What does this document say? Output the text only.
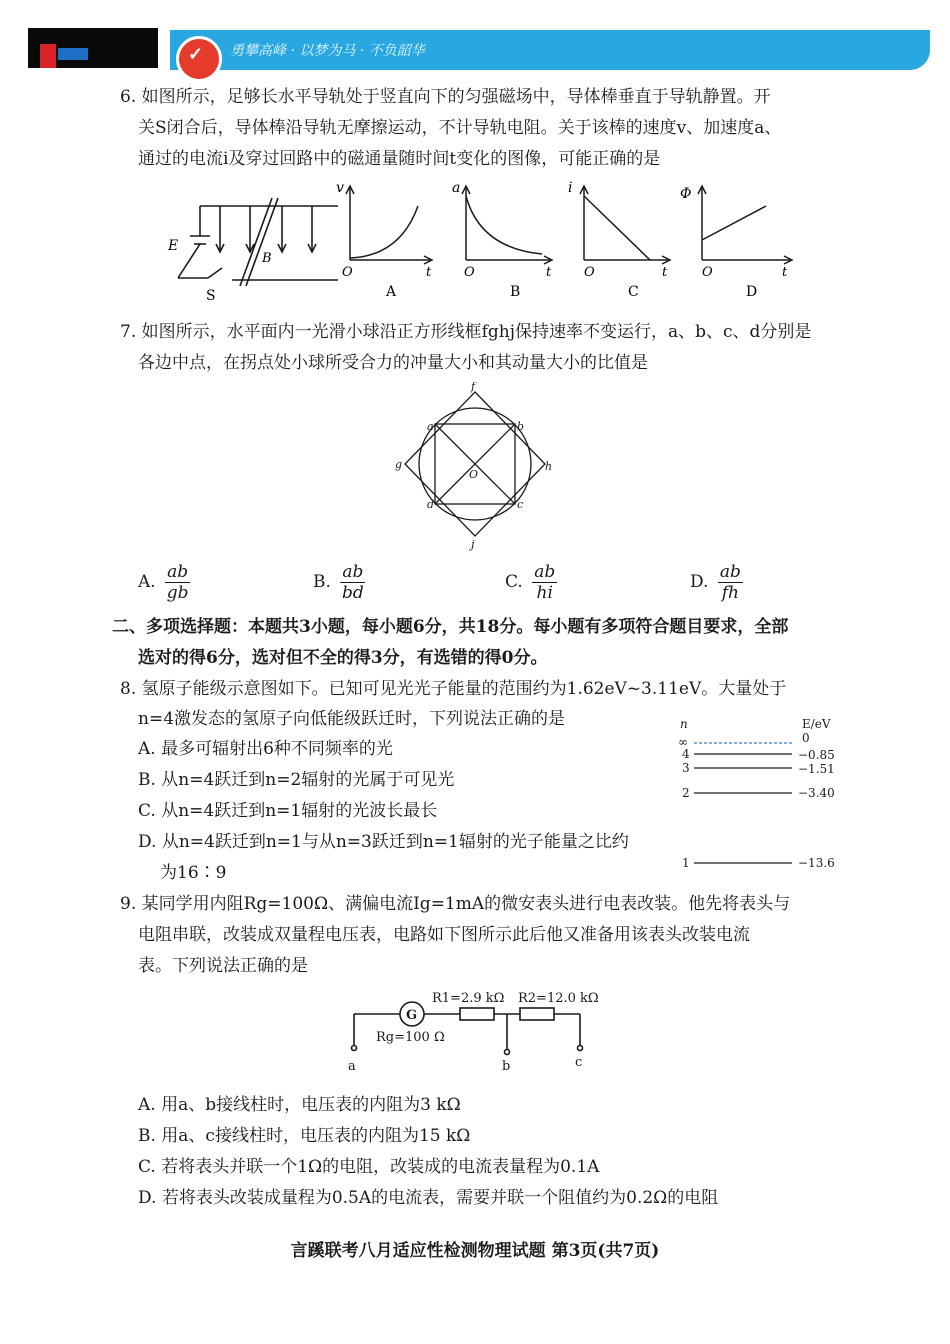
✓ 勇攀高峰 · 以梦为马 · 不负韶华
6. 如图所示，足够长水平导轨处于竖直向下的匀强磁场中，导体棒垂直于导轨静置。开
关S闭合后，导体棒沿导轨无摩擦运动，不计导轨电阻。关于该棒的速度v、加速度a、
通过的电流i及穿过回路中的磁通量随时间t变化的图像，可能正确的是
E
B
S
v
O	t
A
a
O	t
B
i
O	t
C
Φ
O	t
D
7. 如图所示，水平面内一光滑小球沿正方形线框fghj保持速率不变运行，a、b、c、d分别是
各边中点，在拐点处小球所受合力的冲量大小和其动量大小的比值是
f
g	h
j
a	b
c
d
O
A. $\frac{ab}{gb}$	B. $\frac{ab}{bd}$	C. $\frac{ab}{hi}$	D. $\frac{ab}{fh}$
二、多项选择题：本题共3小题，每小题6分，共18分。每小题有多项符合题目要求，全部
选对的得6分，选对但不全的得3分，有选错的得0分。
8. 氢原子能级示意图如下。已知可见光光子能量的范围约为1.62eV~3.11eV。大量处于
n=4激发态的氢原子向低能级跃迁时，下列说法正确的是
A. 最多可辐射出6种不同频率的光
B. 从n=4跃迁到n=2辐射的光属于可见光
C. 从n=4跃迁到n=1辐射的光波长最长
D. 从n=4跃迁到n=1与从n=3跃迁到n=1辐射的光子能量之比约
为16∶9
n	E/eV
∞	0
4	−0.85
3	−1.51
2	−3.40
1	−13.6
9. 某同学用内阻Rg=100Ω、满偏电流Ig=1mA的微安表头进行电表改装。他先将表头与
电阻串联，改装成双量程电压表，电路如下图所示此后他又准备用该表头改装电流
表。下列说法正确的是
G
R1=2.9 kΩ R2=12.0 kΩ
Rg=100 Ω
a	b	c
A. 用a、b接线柱时，电压表的内阻为3 kΩ
B. 用a、c接线柱时，电压表的内阻为15 kΩ
C. 若将表头并联一个1Ω的电阻，改装成的电流表量程为0.1A
D. 若将表头改装成量程为0.5A的电流表，需要并联一个阻值约为0.2Ω的电阻
言蹊联考八月适应性检测物理试题 第3页(共7页)
